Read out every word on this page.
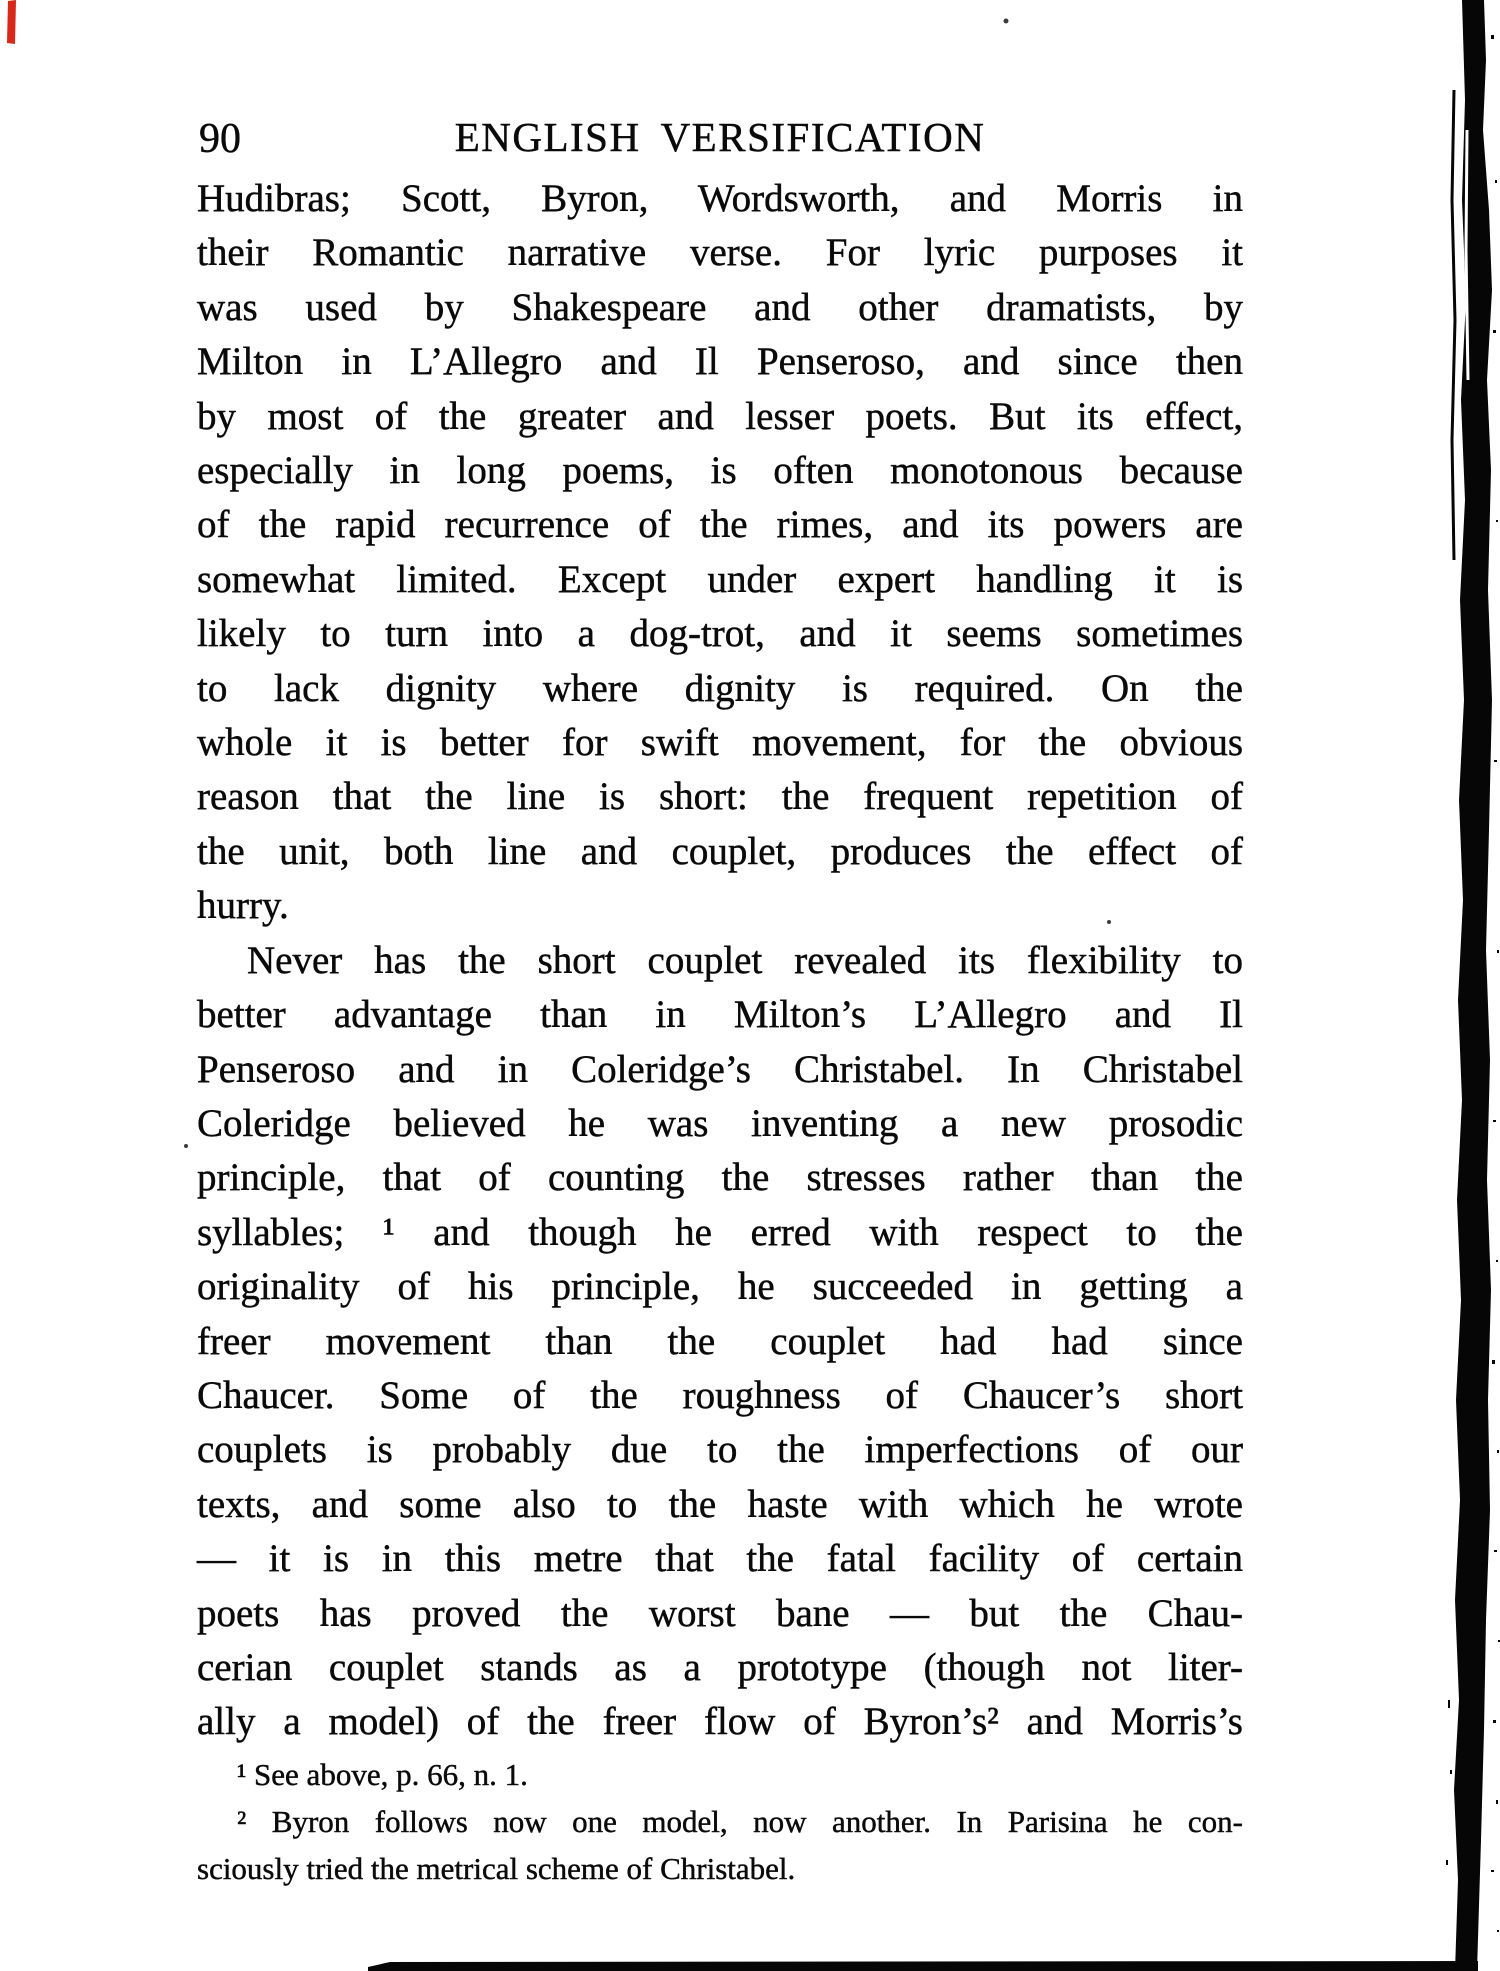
90	ENGLISH VERSIFICATION
Hudibras; Scott, Byron, Wordsworth, and Morris in
their Romantic narrative verse. For lyric purposes it
was used by Shakespeare and other dramatists, by
Milton in L’Allegro and Il Penseroso, and since then
by most of the greater and lesser poets. But its effect,
especially in long poems, is often monotonous because
of the rapid recurrence of the rimes, and its powers are
somewhat limited. Except under expert handling it is
likely to turn into a dog-trot, and it seems sometimes
to lack dignity where dignity is required. On the
whole it is better for swift movement, for the obvious
reason that the line is short: the frequent repetition of
the unit, both line and couplet, produces the effect of
hurry.
Never has the short couplet revealed its flexibility to
better advantage than in Milton’s L’Allegro and Il
Penseroso and in Coleridge’s Christabel. In Christabel
Coleridge believed he was inventing a new prosodic
principle, that of counting the stresses rather than the
syllables; ¹ and though he erred with respect to the
originality of his principle, he succeeded in getting a
freer movement than the couplet had had since
Chaucer. Some of the roughness of Chaucer’s short
couplets is probably due to the imperfections of our
texts, and some also to the haste with which he wrote
— it is in this metre that the fatal facility of certain
poets has proved the worst bane — but the Chau-
cerian couplet stands as a prototype (though not liter-
ally a model) of the freer flow of Byron’s² and Morris’s
¹ See above, p. 66, n. 1.
² Byron follows now one model, now another. In Parisina he con-
sciously tried the metrical scheme of Christabel.
